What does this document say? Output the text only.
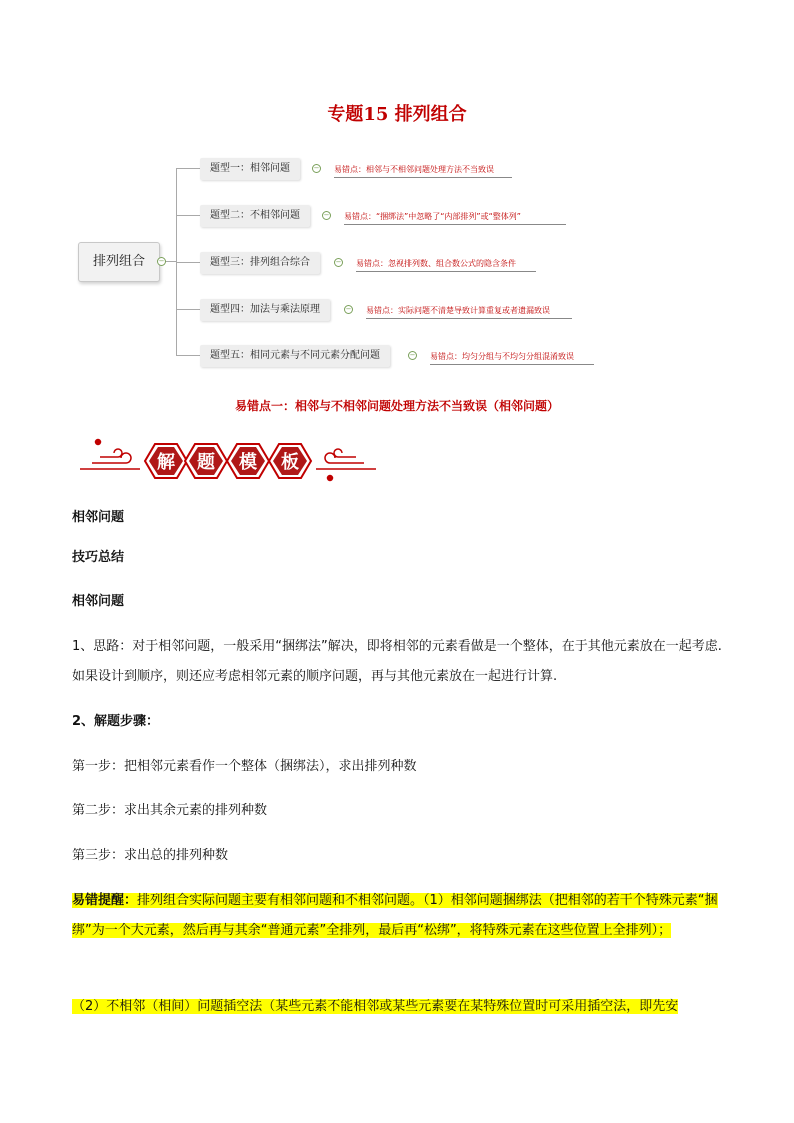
专题15 排列组合
排列组合	−
题型一：相邻问题	− 易错点：相邻与不相邻问题处理方法不当致误
题型二：不相邻问题	− 易错点：“捆绑法”中忽略了“内部排列”或“整体列”
题型三：排列组合综合	− 易错点：忽视排列数、组合数公式的隐含条件
题型四：加法与乘法原理	− 易错点：实际问题不清楚导致计算重复或者遗漏致误
题型五：相同元素与不同元素分配问题	− 易错点：均匀分组与不均匀分组混淆致误
易错点一：相邻与不相邻问题处理方法不当致误（相邻问题）
解 题 模 板

相邻问题

技巧总结

相邻问题

1、思路：对于相邻问题，一般采用“捆绑法”解决，即将相邻的元素看做是一个整体，在于其他元素放在一起考虑.如果设计到顺序，则还应考虑相邻元素的顺序问题，再与其他元素放在一起进行计算.

2、解题步骤：

第一步：把相邻元素看作一个整体（捆绑法），求出排列种数

第二步：求出其余元素的排列种数

第三步：求出总的排列种数

易错提醒：排列组合实际问题主要有相邻问题和不相邻问题。（1）相邻问题捆绑法（把相邻的若干个特殊元素“捆绑”为一个大元素，然后再与其余“普通元素”全排列，最后再“松绑”，将特殊元素在这些位置上全排列）；

（2）不相邻（相间）问题插空法（某些元素不能相邻或某些元素要在某特殊位置时可采用插空法，即先安
